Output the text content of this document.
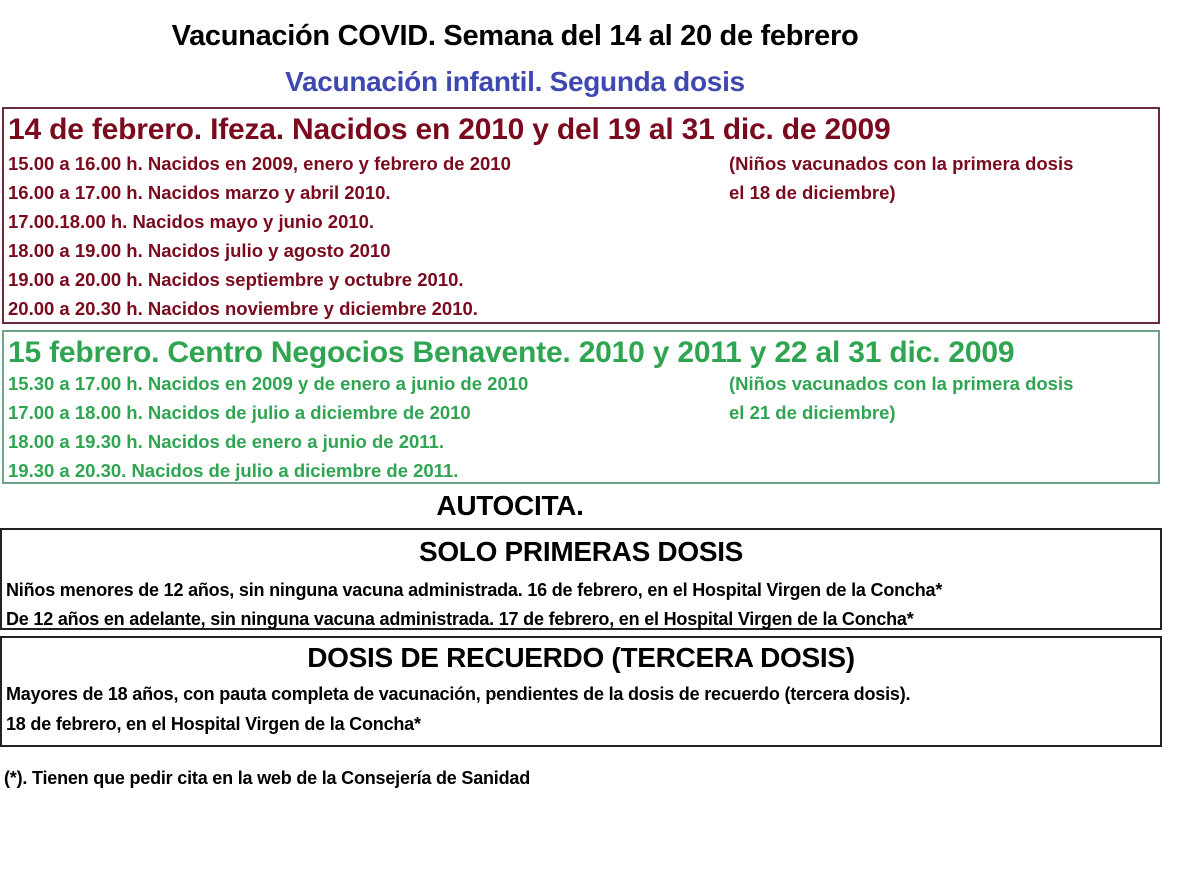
Vacunación COVID. Semana del 14 al 20 de febrero
Vacunación infantil. Segunda dosis
14 de febrero. Ifeza. Nacidos en 2010 y del 19 al 31 dic. de 2009
15.00 a 16.00 h. Nacidos en 2009, enero y febrero de 2010
16.00 a 17.00 h. Nacidos marzo y abril 2010.
17.00.18.00 h. Nacidos mayo y junio 2010.
18.00 a 19.00 h. Nacidos julio y agosto 2010
19.00 a 20.00 h. Nacidos septiembre y octubre 2010.
20.00 a 20.30 h. Nacidos noviembre y diciembre 2010.
(Niños vacunados con la primera dosis
el 18 de diciembre)
15 febrero. Centro Negocios Benavente. 2010 y 2011 y 22 al 31 dic. 2009
15.30 a 17.00 h. Nacidos en 2009 y de enero a junio de 2010
17.00 a 18.00 h. Nacidos de julio a diciembre de 2010
18.00 a 19.30 h. Nacidos de enero a junio de 2011.
19.30 a 20.30. Nacidos de julio a diciembre de 2011.
(Niños vacunados con la primera dosis
el 21 de diciembre)
AUTOCITA.
SOLO PRIMERAS DOSIS
Niños menores de 12 años, sin ninguna vacuna administrada. 16 de febrero, en el Hospital Virgen de la Concha*
De 12 años en adelante, sin ninguna vacuna administrada. 17 de febrero, en el Hospital Virgen de la Concha*
DOSIS DE RECUERDO (TERCERA DOSIS)
Mayores de 18 años, con pauta completa de vacunación, pendientes de la dosis de recuerdo (tercera dosis).
18 de febrero, en el Hospital Virgen de la Concha*
(*). Tienen que pedir cita en la web de la Consejería de Sanidad
